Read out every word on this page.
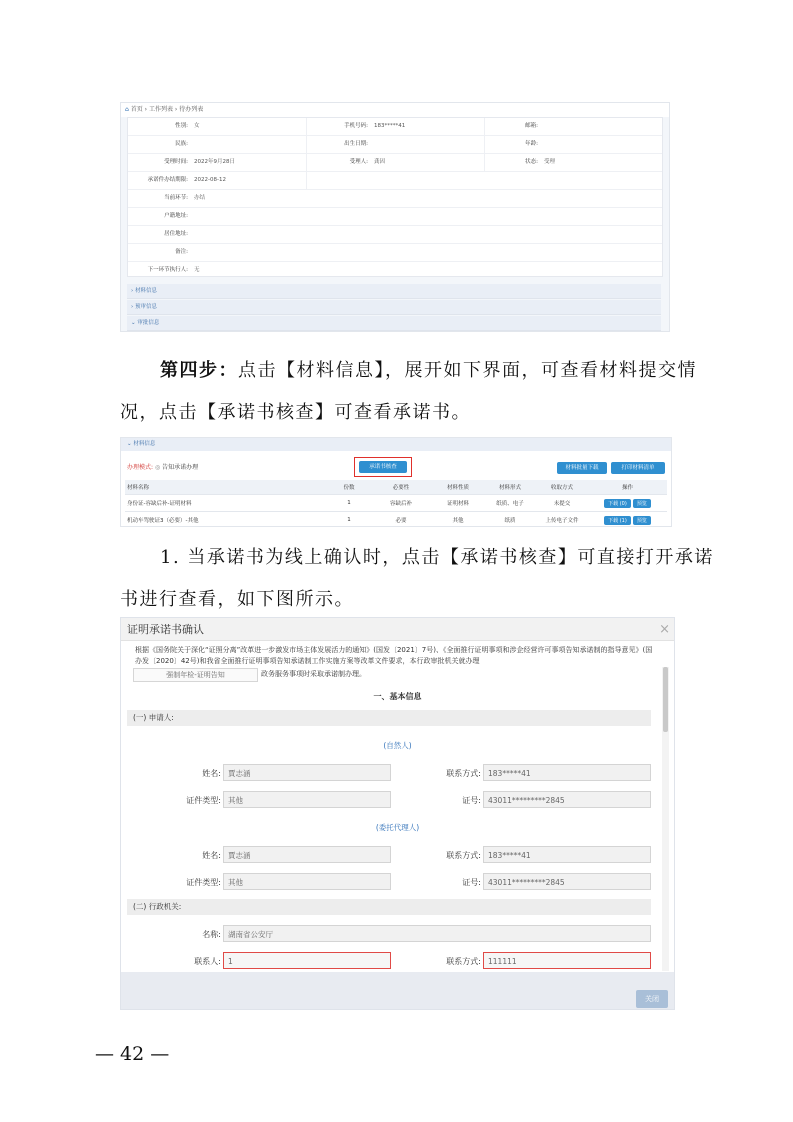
⌂ 首页 › 工作列表 › 待办列表
性别: 女	手机号码: 183*****41	邮箱:
民族:	出生日期:	年龄:
受理时间: 2022年9月28日	受理人: 龚因	状态: 受理
承诺件办结期限: 2022-08-12
当前环节: 办结
户籍地址:
居住地址:
备注:
下一环节执行人: 无
› 材料信息
› 预审信息
⌄ 审批信息
第四步：点击【材料信息】，展开如下界面，可查看材料提交情
况，点击【承诺书核查】可查看承诺书。
⌄ 材料信息
办理模式: ◎ 告知承诺办理	承诺书核查	材料批量下载	打印材料清单
材料名称	份数	必要性	材料性质	材料形式	收取方式	操作
身份证-容缺后补-证明材料	1	容缺后补	证明材料	纸质、电子	未提交	下载 (0) 预览
机动车驾驶证3（必要）-其他	1	必要	其他	纸质	上传电子文件	下载 (1) 预览
1. 当承诺书为线上确认时，点击【承诺书核查】可直接打开承诺
书进行查看，如下图所示。
证明承诺书确认	×
根据《国务院关于深化“证照分离”改革进一步激发市场主体发展活力的通知》(国发〔2021〕7号)、《全面推行证明事项和涉企经营许可事项告知承诺制的指导意见》(国办发〔2020〕42号)和我省全面推行证明事项告知承诺制工作实施方案等改革文件要求，本行政审批机关就办理
强制年检-证明告知	政务服务事项时采取承诺制办理。
一、基本信息
(一) 申请人:
(自然人)
姓名: 賈志涵	联系方式: 183*****41
证件类型: 其他	证号: 43011*********2845
(委托代理人)
姓名: 賈志涵	联系方式: 183*****41
证件类型: 其他	证号: 43011*********2845
(二) 行政机关:
名称: 湖南省公安厅
联系人: 1	联系方式: 111111
关闭
— 42 —
